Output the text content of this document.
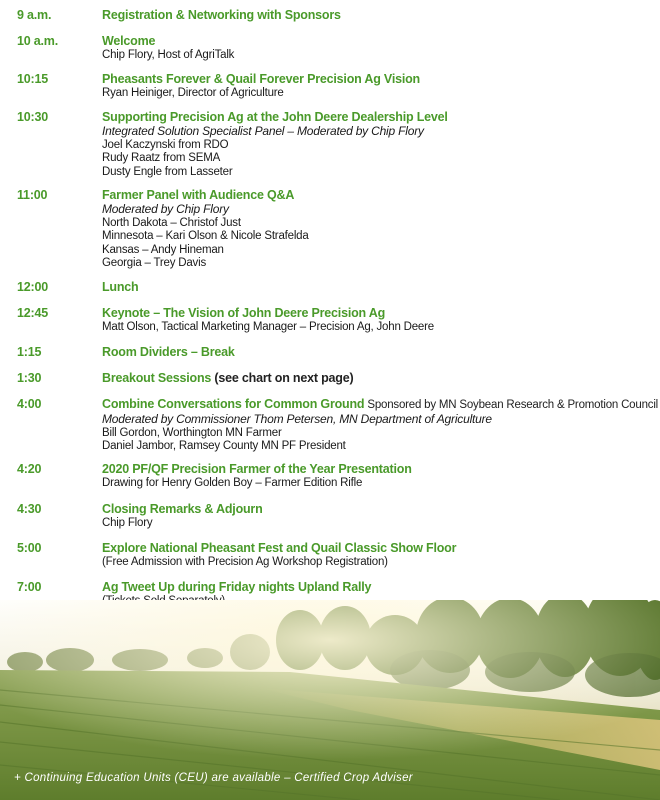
9 a.m.	Registration & Networking with Sponsors
10 a.m.	Welcome
Chip Flory, Host of AgriTalk
10:15	Pheasants Forever & Quail Forever Precision Ag Vision
Ryan Heiniger, Director of Agriculture
10:30	Supporting Precision Ag at the John Deere Dealership Level
Integrated Solution Specialist Panel – Moderated by Chip Flory
Joel Kaczynski from RDO
Rudy Raatz from SEMA
Dusty Engle from Lasseter
11:00	Farmer Panel with Audience Q&A
Moderated by Chip Flory
North Dakota – Christof Just
Minnesota – Kari Olson & Nicole Strafelda
Kansas – Andy Hineman
Georgia – Trey Davis
12:00	Lunch
12:45	Keynote – The Vision of John Deere Precision Ag
Matt Olson, Tactical Marketing Manager – Precision Ag, John Deere
1:15	Room Dividers – Break
1:30	Breakout Sessions (see chart on next page)
4:00	Combine Conversations for Common Ground Sponsored by MN Soybean Research & Promotion Council
Moderated by Commissioner Thom Petersen, MN Department of Agriculture
Bill Gordon, Worthington MN Farmer
Daniel Jambor, Ramsey County MN PF President
4:20	2020 PF/QF Precision Farmer of the Year Presentation
Drawing for Henry Golden Boy – Farmer Edition Rifle
4:30	Closing Remarks & Adjourn
Chip Flory
5:00	Explore National Pheasant Fest and Quail Classic Show Floor
(Free Admission with Precision Ag Workshop Registration)
7:00	Ag Tweet Up during Friday nights Upland Rally
+ Continuing Education Units (CEU) are available – Certified Crop Adviser
